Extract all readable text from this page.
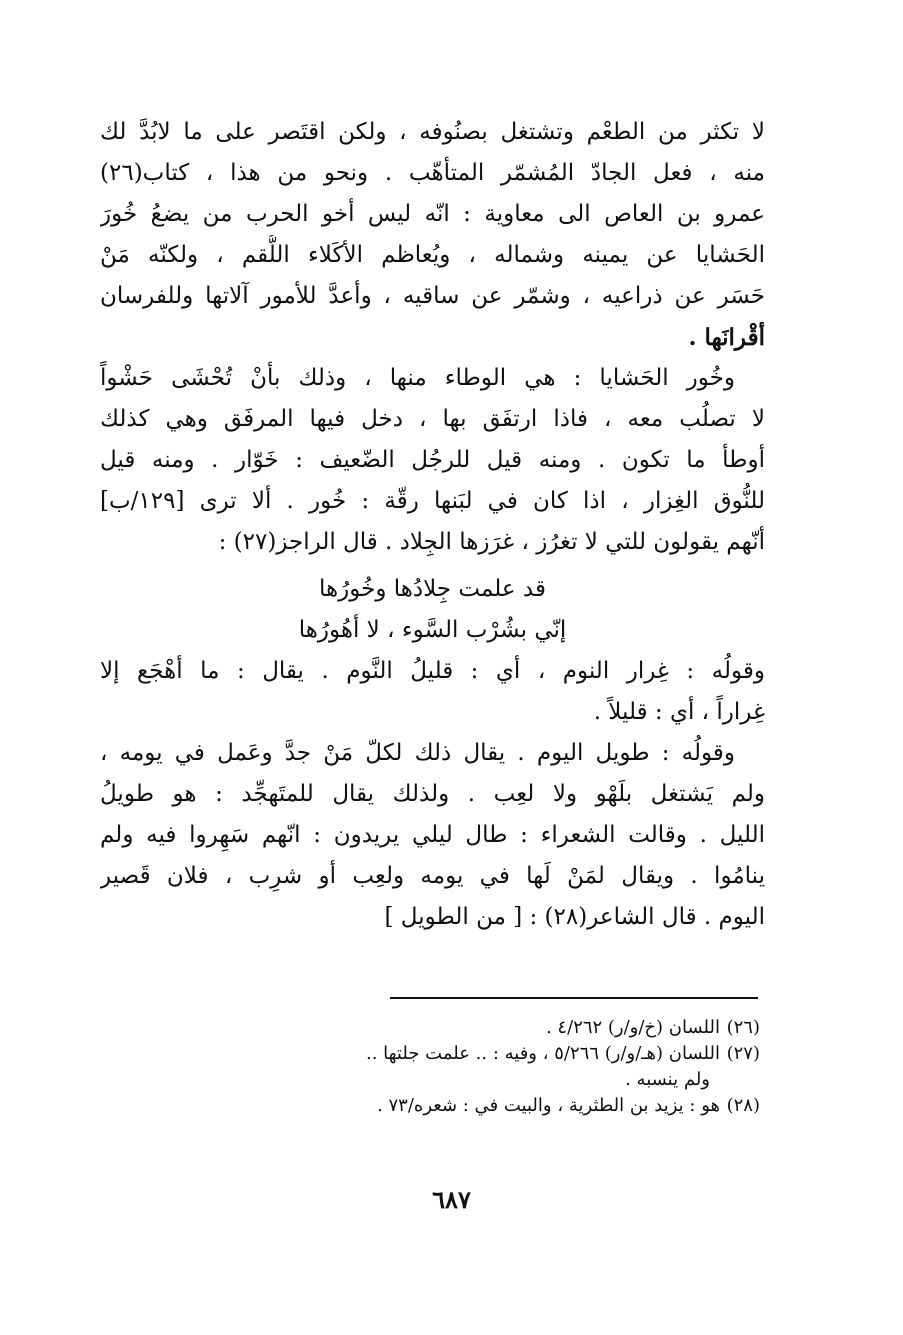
لا تكثر من الطعْم وتشتغل بصنُوفه ، ولكن اقتَصر على ما لابُدَّ لك
منه ، فعل الجادّ المُشمّر المتأهّب . ونحو من هذا ، كتاب(٢٦)
عمرو بن العاص الى معاوية : انّه ليس أخو الحرب من يضعُ خُورَ
الحَشايا عن يمينه وشماله ، ويُعاظم الأكَلاء اللُّقم ، ولكنّه مَنْ
حَسَر عن ذراعيه ، وشمّر عن ساقيه ، وأعدَّ للأمور آلاتها وللفرسان
أقْرانَها .
وخُور الحَشايا : هي الوطاء منها ، وذلك بأنْ تُحْشَى حَشْواً
لا تصلُب معه ، فاذا ارتفَق بها ، دخل فيها المرفَق وهي كذلك
أوطأ ما تكون . ومنه قيل للرجُل الضّعيف : خَوّار . ومنه قيل
للنُّوق الغِزار ، اذا كان في لبَنها رقّة : خُور . ألا ترى [١٢٩/ب]
أنّهم يقولون للتي لا تغرُز ، غرَزها الجِلاد . قال الراجز(٢٧) :
قد علمت جِلادُها وخُورُها
إنّي بشُرْب السَّوء ، لا أهُورُها
وقولُه : غِرار النوم ، أي : قليلُ النَّوم . يقال : ما أهْجَع إلا
غِراراً ، أي : قليلاً .
وقولُه : طويل اليوم . يقال ذلك لكلّ مَنْ جدَّ وعَمل في يومه ،
ولم يَشتغل بلَهْو ولا لعِب . ولذلك يقال للمتَهجِّد : هو طويلُ
الليل . وقالت الشعراء : طال ليلي يريدون : انّهم سَهِروا فيه ولم
ينامُوا . ويقال لمَنْ لَها في يومه ولعِب أو شرِب ، فلان قَصير
اليوم . قال الشاعر(٢٨) : [ من الطويل ]
(٢٦)
اللسان (خ/و/ر) ٤/٢٦٢ .
(٢٧)
اللسان (هـ/و/ر) ٥/٢٦٦ ، وفيه : .. علمت جلتها ..
ولم ينسبه .
(٢٨)
هو : يزيد بن الطثرية ، والبيت في : شعره/٧٣ .
٦٨٧
